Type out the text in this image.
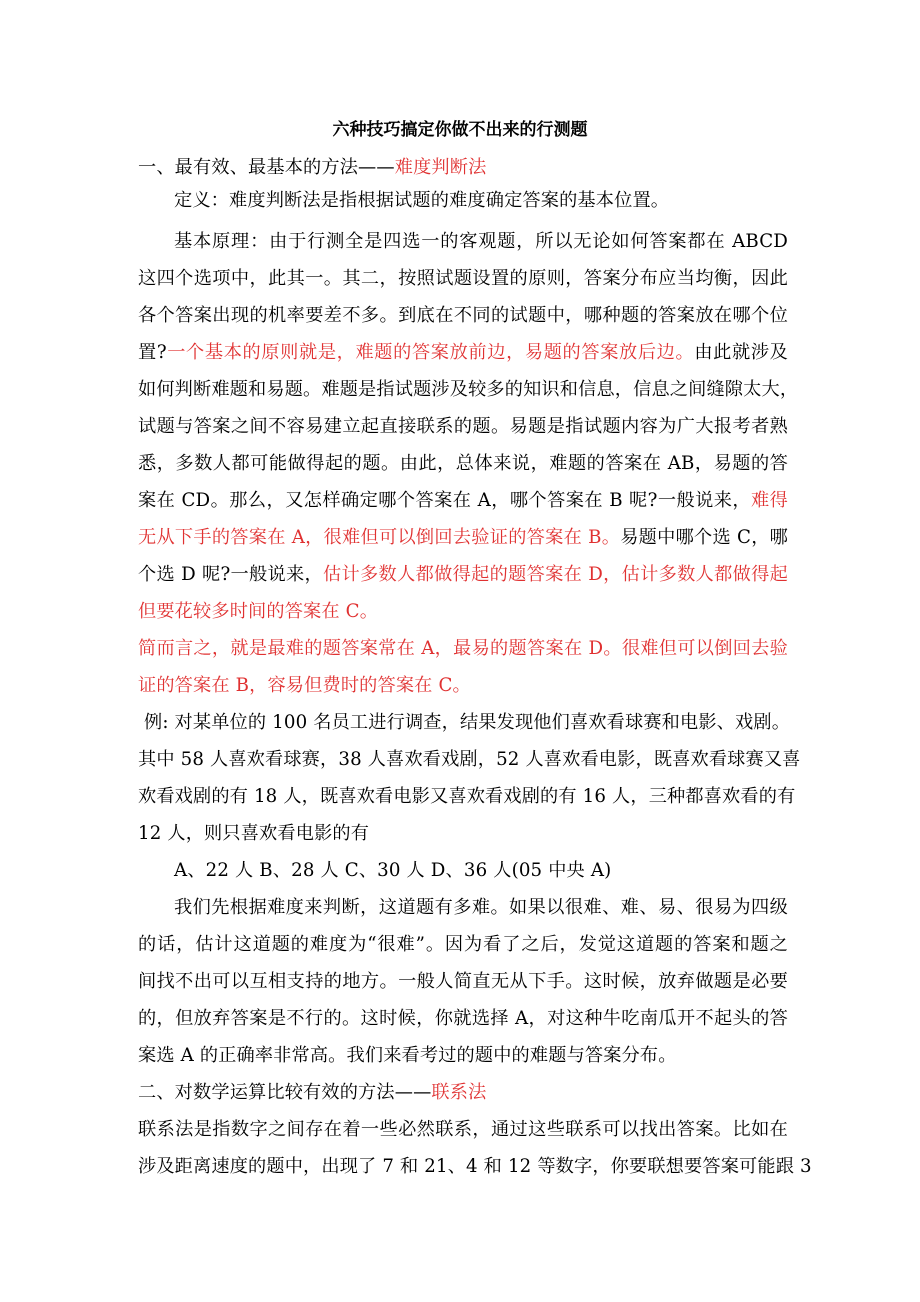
六种技巧搞定你做不出来的行测题
一、最有效、最基本的方法——难度判断法
定义：难度判断法是指根据试题的难度确定答案的基本位置。
基本原理：由于行测全是四选一的客观题，所以无论如何答案都在 ABCD
这四个选项中，此其一。其二，按照试题设置的原则，答案分布应当均衡，因此
各个答案出现的机率要差不多。到底在不同的试题中，哪种题的答案放在哪个位
置?一个基本的原则就是，难题的答案放前边，易题的答案放后边。由此就涉及
如何判断难题和易题。难题是指试题涉及较多的知识和信息，信息之间缝隙太大，
试题与答案之间不容易建立起直接联系的题。易题是指试题内容为广大报考者熟
悉，多数人都可能做得起的题。由此，总体来说，难题的答案在 AB，易题的答
案在 CD。那么，又怎样确定哪个答案在 A，哪个答案在 B 呢?一般说来，难得
无从下手的答案在 A，很难但可以倒回去验证的答案在 B。易题中哪个选 C，哪
个选 D 呢?一般说来，估计多数人都做得起的题答案在 D，估计多数人都做得起
但要花较多时间的答案在 C。
简而言之，就是最难的题答案常在 A，最易的题答案在 D。很难但可以倒回去验
证的答案在 B，容易但费时的答案在 C。
例: 对某单位的 100 名员工进行调查，结果发现他们喜欢看球赛和电影、戏剧。
其中 58 人喜欢看球赛，38 人喜欢看戏剧，52 人喜欢看电影，既喜欢看球赛又喜
欢看戏剧的有 18 人，既喜欢看电影又喜欢看戏剧的有 16 人，三种都喜欢看的有
12 人，则只喜欢看电影的有
A、22 人 B、28 人 C、30 人 D、36 人(05 中央 A)
我们先根据难度来判断，这道题有多难。如果以很难、难、易、很易为四级
的话，估计这道题的难度为“很难”。因为看了之后，发觉这道题的答案和题之
间找不出可以互相支持的地方。一般人简直无从下手。这时候，放弃做题是必要
的，但放弃答案是不行的。这时候，你就选择 A，对这种牛吃南瓜开不起头的答
案选 A 的正确率非常高。我们来看考过的题中的难题与答案分布。
二、对数学运算比较有效的方法——联系法
联系法是指数字之间存在着一些必然联系，通过这些联系可以找出答案。比如在
涉及距离速度的题中，出现了 7 和 21、4 和 12 等数字，你要联想要答案可能跟 3
